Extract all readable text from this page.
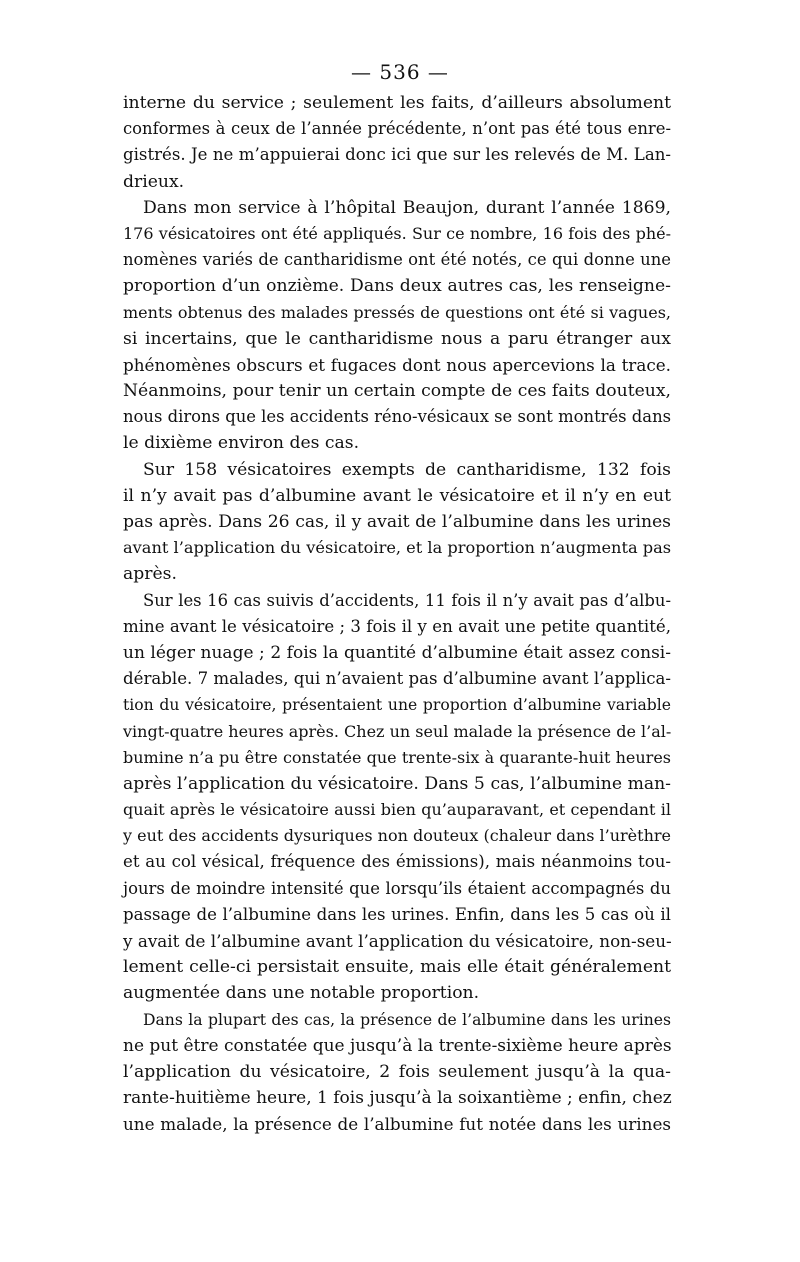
— 536 —
interne du service ; seulement les faits, d’ailleurs absolument
conformes à ceux de l’année précédente, n’ont pas été tous enre-
gistrés. Je ne m’appuierai donc ici que sur les relevés de M. Lan-
drieux.
Dans mon service à l’hôpital Beaujon, durant l’année 1869,
176 vésicatoires ont été appliqués. Sur ce nombre, 16 fois des phé-
nomènes variés de cantharidisme ont été notés, ce qui donne une
proportion d’un onzième. Dans deux autres cas, les renseigne-
ments obtenus des malades pressés de questions ont été si vagues,
si incertains, que le cantharidisme nous a paru étranger aux
phénomènes obscurs et fugaces dont nous apercevions la trace.
Néanmoins, pour tenir un certain compte de ces faits douteux,
nous dirons que les accidents réno-vésicaux se sont montrés dans
le dixième environ des cas.
Sur 158 vésicatoires exempts de cantharidisme, 132 fois
il n’y avait pas d’albumine avant le vésicatoire et il n’y en eut
pas après. Dans 26 cas, il y avait de l’albumine dans les urines
avant l’application du vésicatoire, et la proportion n’augmenta pas
après.
Sur les 16 cas suivis d’accidents, 11 fois il n’y avait pas d’albu-
mine avant le vésicatoire ; 3 fois il y en avait une petite quantité,
un léger nuage ; 2 fois la quantité d’albumine était assez consi-
dérable. 7 malades, qui n’avaient pas d’albumine avant l’applica-
tion du vésicatoire, présentaient une proportion d’albumine variable
vingt-quatre heures après. Chez un seul malade la présence de l’al-
bumine n’a pu être constatée que trente-six à quarante-huit heures
après l’application du vésicatoire. Dans 5 cas, l’albumine man-
quait après le vésicatoire aussi bien qu’auparavant, et cependant il
y eut des accidents dysuriques non douteux (chaleur dans l’urèthre
et au col vésical, fréquence des émissions), mais néanmoins tou-
jours de moindre intensité que lorsqu’ils étaient accompagnés du
passage de l’albumine dans les urines. Enfin, dans les 5 cas où il
y avait de l’albumine avant l’application du vésicatoire, non-seu-
lement celle-ci persistait ensuite, mais elle était généralement
augmentée dans une notable proportion.
Dans la plupart des cas, la présence de l’albumine dans les urines
ne put être constatée que jusqu’à la trente-sixième heure après
l’application du vésicatoire, 2 fois seulement jusqu’à la qua-
rante-huitième heure, 1 fois jusqu’à la soixantième ; enfin, chez
une malade, la présence de l’albumine fut notée dans les urines
